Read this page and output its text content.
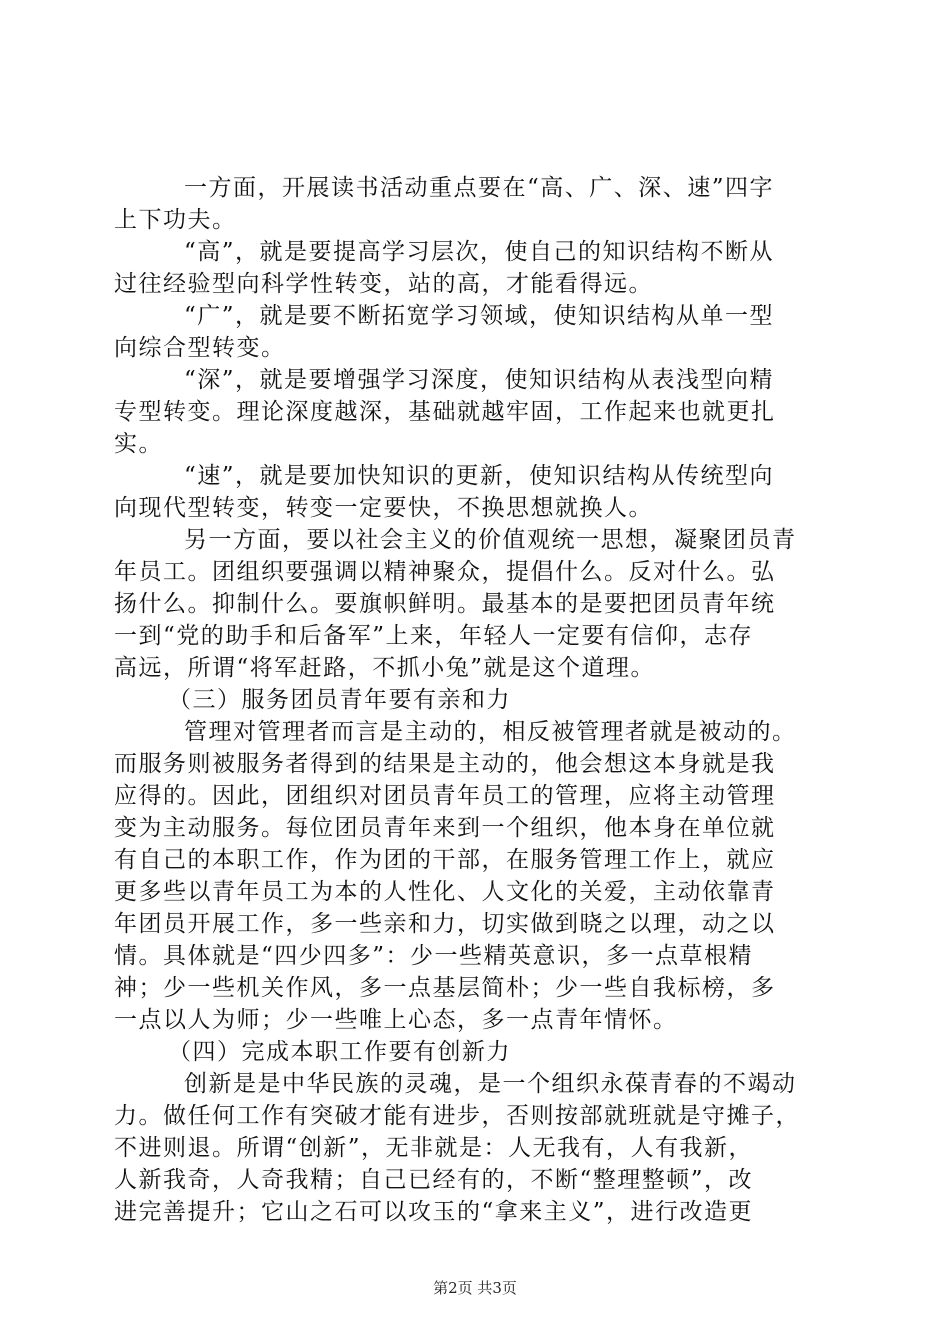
一方面，开展读书活动重点要在“高、广、深、速”四字
上下功夫。
“高”，就是要提高学习层次，使自己的知识结构不断从
过往经验型向科学性转变，站的高，才能看得远。
“广”，就是要不断拓宽学习领域，使知识结构从单一型
向综合型转变。
“深”，就是要增强学习深度，使知识结构从表浅型向精
专型转变。理论深度越深，基础就越牢固，工作起来也就更扎
实。
“速”，就是要加快知识的更新，使知识结构从传统型向
向现代型转变，转变一定要快，不换思想就换人。
另一方面，要以社会主义的价值观统一思想，凝聚团员青
年员工。团组织要强调以精神聚众，提倡什么。反对什么。弘
扬什么。抑制什么。要旗帜鲜明。最基本的是要把团员青年统
一到“党的助手和后备军”上来，年轻人一定要有信仰，志存
高远，所谓“将军赶路，不抓小兔”就是这个道理。
（三）服务团员青年要有亲和力
管理对管理者而言是主动的，相反被管理者就是被动的。
而服务则被服务者得到的结果是主动的，他会想这本身就是我
应得的。因此，团组织对团员青年员工的管理，应将主动管理
变为主动服务。每位团员青年来到一个组织，他本身在单位就
有自己的本职工作，作为团的干部，在服务管理工作上，就应
更多些以青年员工为本的人性化、人文化的关爱，主动依靠青
年团员开展工作，多一些亲和力，切实做到晓之以理，动之以
情。具体就是“四少四多”：少一些精英意识，多一点草根精
神；少一些机关作风，多一点基层简朴；少一些自我标榜，多
一点以人为师；少一些唯上心态，多一点青年情怀。
（四）完成本职工作要有创新力
创新是是中华民族的灵魂，是一个组织永葆青春的不竭动
力。做任何工作有突破才能有进步，否则按部就班就是守摊子，
不进则退。所谓“创新”，无非就是：人无我有，人有我新，
人新我奇，人奇我精；自己已经有的，不断“整理整顿”，改
进完善提升；它山之石可以攻玉的“拿来主义”，进行改造更
第2页 共3页
